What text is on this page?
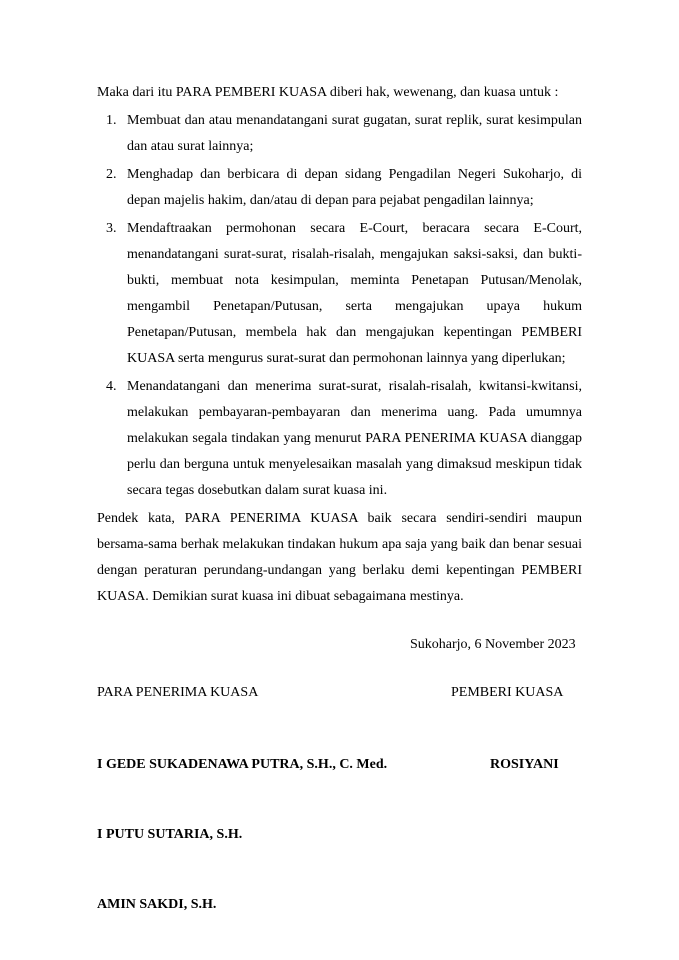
Maka dari itu PARA PEMBERI KUASA diberi hak, wewenang, dan kuasa untuk :

1. Membuat dan atau menandatangani surat gugatan, surat replik, surat kesimpulan dan atau surat lainnya;
2. Menghadap dan berbicara di depan sidang Pengadilan Negeri Sukoharjo, di depan majelis hakim, dan/atau di depan para pejabat pengadilan lainnya;
3. Mendaftraakan permohonan secara E-Court, beracara secara E-Court, menandatangani surat-surat, risalah-risalah, mengajukan saksi-saksi, dan bukti-bukti, membuat nota kesimpulan, meminta Penetapan Putusan/Menolak, mengambil Penetapan/Putusan, serta mengajukan upaya hukum Penetapan/Putusan, membela hak dan mengajukan kepentingan PEMBERI KUASA serta mengurus surat-surat dan permohonan lainnya yang diperlukan;
4. Menandatangani dan menerima surat-surat, risalah-risalah, kwitansi-kwitansi, melakukan pembayaran-pembayaran dan menerima uang. Pada umumnya melakukan segala tindakan yang menurut PARA PENERIMA KUASA dianggap perlu dan berguna untuk menyelesaikan masalah yang dimaksud meskipun tidak secara tegas dosebutkan dalam surat kuasa ini.

Pendek kata, PARA PENERIMA KUASA baik secara sendiri-sendiri maupun bersama-sama berhak melakukan tindakan hukum apa saja yang baik dan benar sesuai dengan peraturan perundang-undangan yang berlaku demi kepentingan PEMBERI KUASA. Demikian surat kuasa ini dibuat sebagaimana mestinya.

Sukoharjo, 6 November 2023
PARA PENERIMA KUASA	PEMBERI KUASA
I GEDE SUKADENAWA PUTRA, S.H., C. Med.	ROSIYANI
I PUTU SUTARIA, S.H.
AMIN SAKDI, S.H.
